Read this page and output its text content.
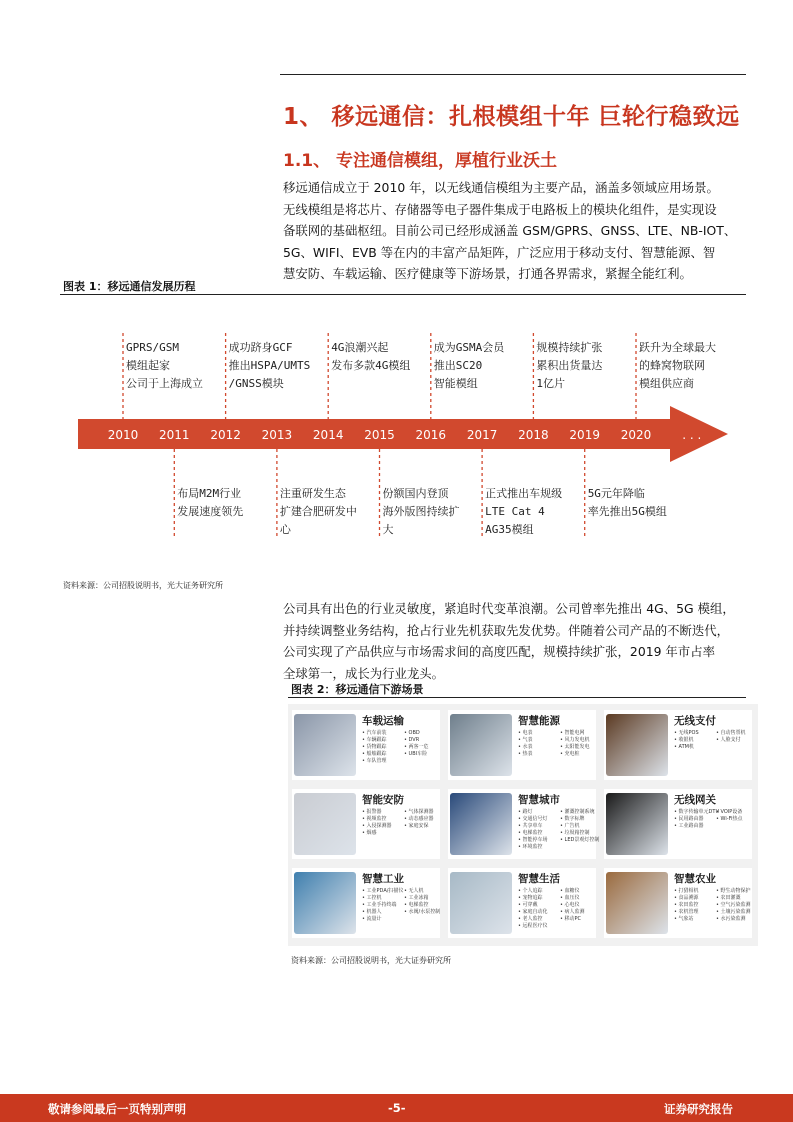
1、 移远通信：扎根模组十年 巨轮行稳致远
1.1、 专注通信模组，厚植行业沃土
移远通信成立于 2010 年，以无线通信模组为主要产品，涵盖多领域应用场景。
无线模组是将芯片、存储器等电子器件集成于电路板上的模块化组件，是实现设
备联网的基础枢纽。目前公司已经形成涵盖 GSM/GPRS、GNSS、LTE、NB-IOT、
5G、WIFI、EVB 等在内的丰富产品矩阵，广泛应用于移动支付、智慧能源、智
慧安防、车载运输、医疗健康等下游场景，打通各界需求，紧握全能红利。
图表 1：移远通信发展历程
2010 2011 2012 2013 2014 2015 2016 2017 2018 2019 2020	. . .
GPRS/GSM
模组起家
公司于上海成立
成功跻身GCF
推出HSPA/UMTS
/GNSS模块
4G浪潮兴起
发布多款4G模组
成为GSMA会员
推出SC20
智能模组
规模持续扩张
累积出货量达
1亿片
跃升为全球最大
的蜂窝物联网
模组供应商
布局M2M行业
发展速度领先
注重研发生态
扩建合肥研发中
心
份额国内登顶
海外版图持续扩
大
正式推出车规级
LTE Cat 4
AG35模组
5G元年降临
率先推出5G模组
资料来源：公司招股说明书，光大证务研究所
公司具有出色的行业灵敏度，紧追时代变革浪潮。公司曾率先推出 4G、5G 模组，
并持续调整业务结构，抢占行业先机获取先发优势。伴随着公司产品的不断迭代，
公司实现了产品供应与市场需求间的高度匹配，规模持续扩张，2019 年市占率
全球第一，成长为行业龙头。
图表 2：移远通信下游场景
车载运输
• 汽车前装
• 车辆跟踪
• 货物跟踪
• 船舶跟踪
• 车队管理
• OBD
• DVR
• 两客一危
• UBI车险
智慧能源
• 电表
• 气表
• 水表
• 热表
• 智能电网
• 风力发电机
• 太阳能发电
• 充电桩
无线支付
• 无线POS
• 收银机
• ATM机
• 自动售票机
• 人脸支付
智能安防
• 报警器
• 视频监控
• 入侵探测器
• 烟感
• 气体探测器
• 动态感应器
• 家庭安保
智慧城市
• 路灯
• 交通信号灯
• 共享单车
• 电梯监控
• 智能停车场
• 环境监控
• 灌溉控制系统
• 数字标牌
• 广告机
• 垃圾箱控制
• LED景观灯控制
无线网关
• 数字传输单元DTU
• 民用路由器
• 工业路由器
• VOIP设备
• Wi-Fi热点
智慧工业
• 工业PDA/扫描仪
• 工控机
• 工业手持终端
• 机器人
• 流量计
• 无人机
• 工业冰箱
• 电梯监控
• 水阀/水泵控制
智慧生活
• 个人追踪
• 宠物追踪
• 可穿戴
• 家庭自动化
• 老人监控
• 远程医疗仪
• 血糖仪
• 血压仪
• 心电仪
• 病人监测
• 移动PC
智慧农业
• 打猎相机
• 食品溯源
• 农田监控
• 农机管理
• 气象站
• 野生动物保护
• 农田灌溉
• 空气污染监测
• 土壤污染监测
• 水污染监测
资料来源：公司招股说明书，光大证券研究所
敬请参阅最后一页特别声明	-5-	证券研究报告
